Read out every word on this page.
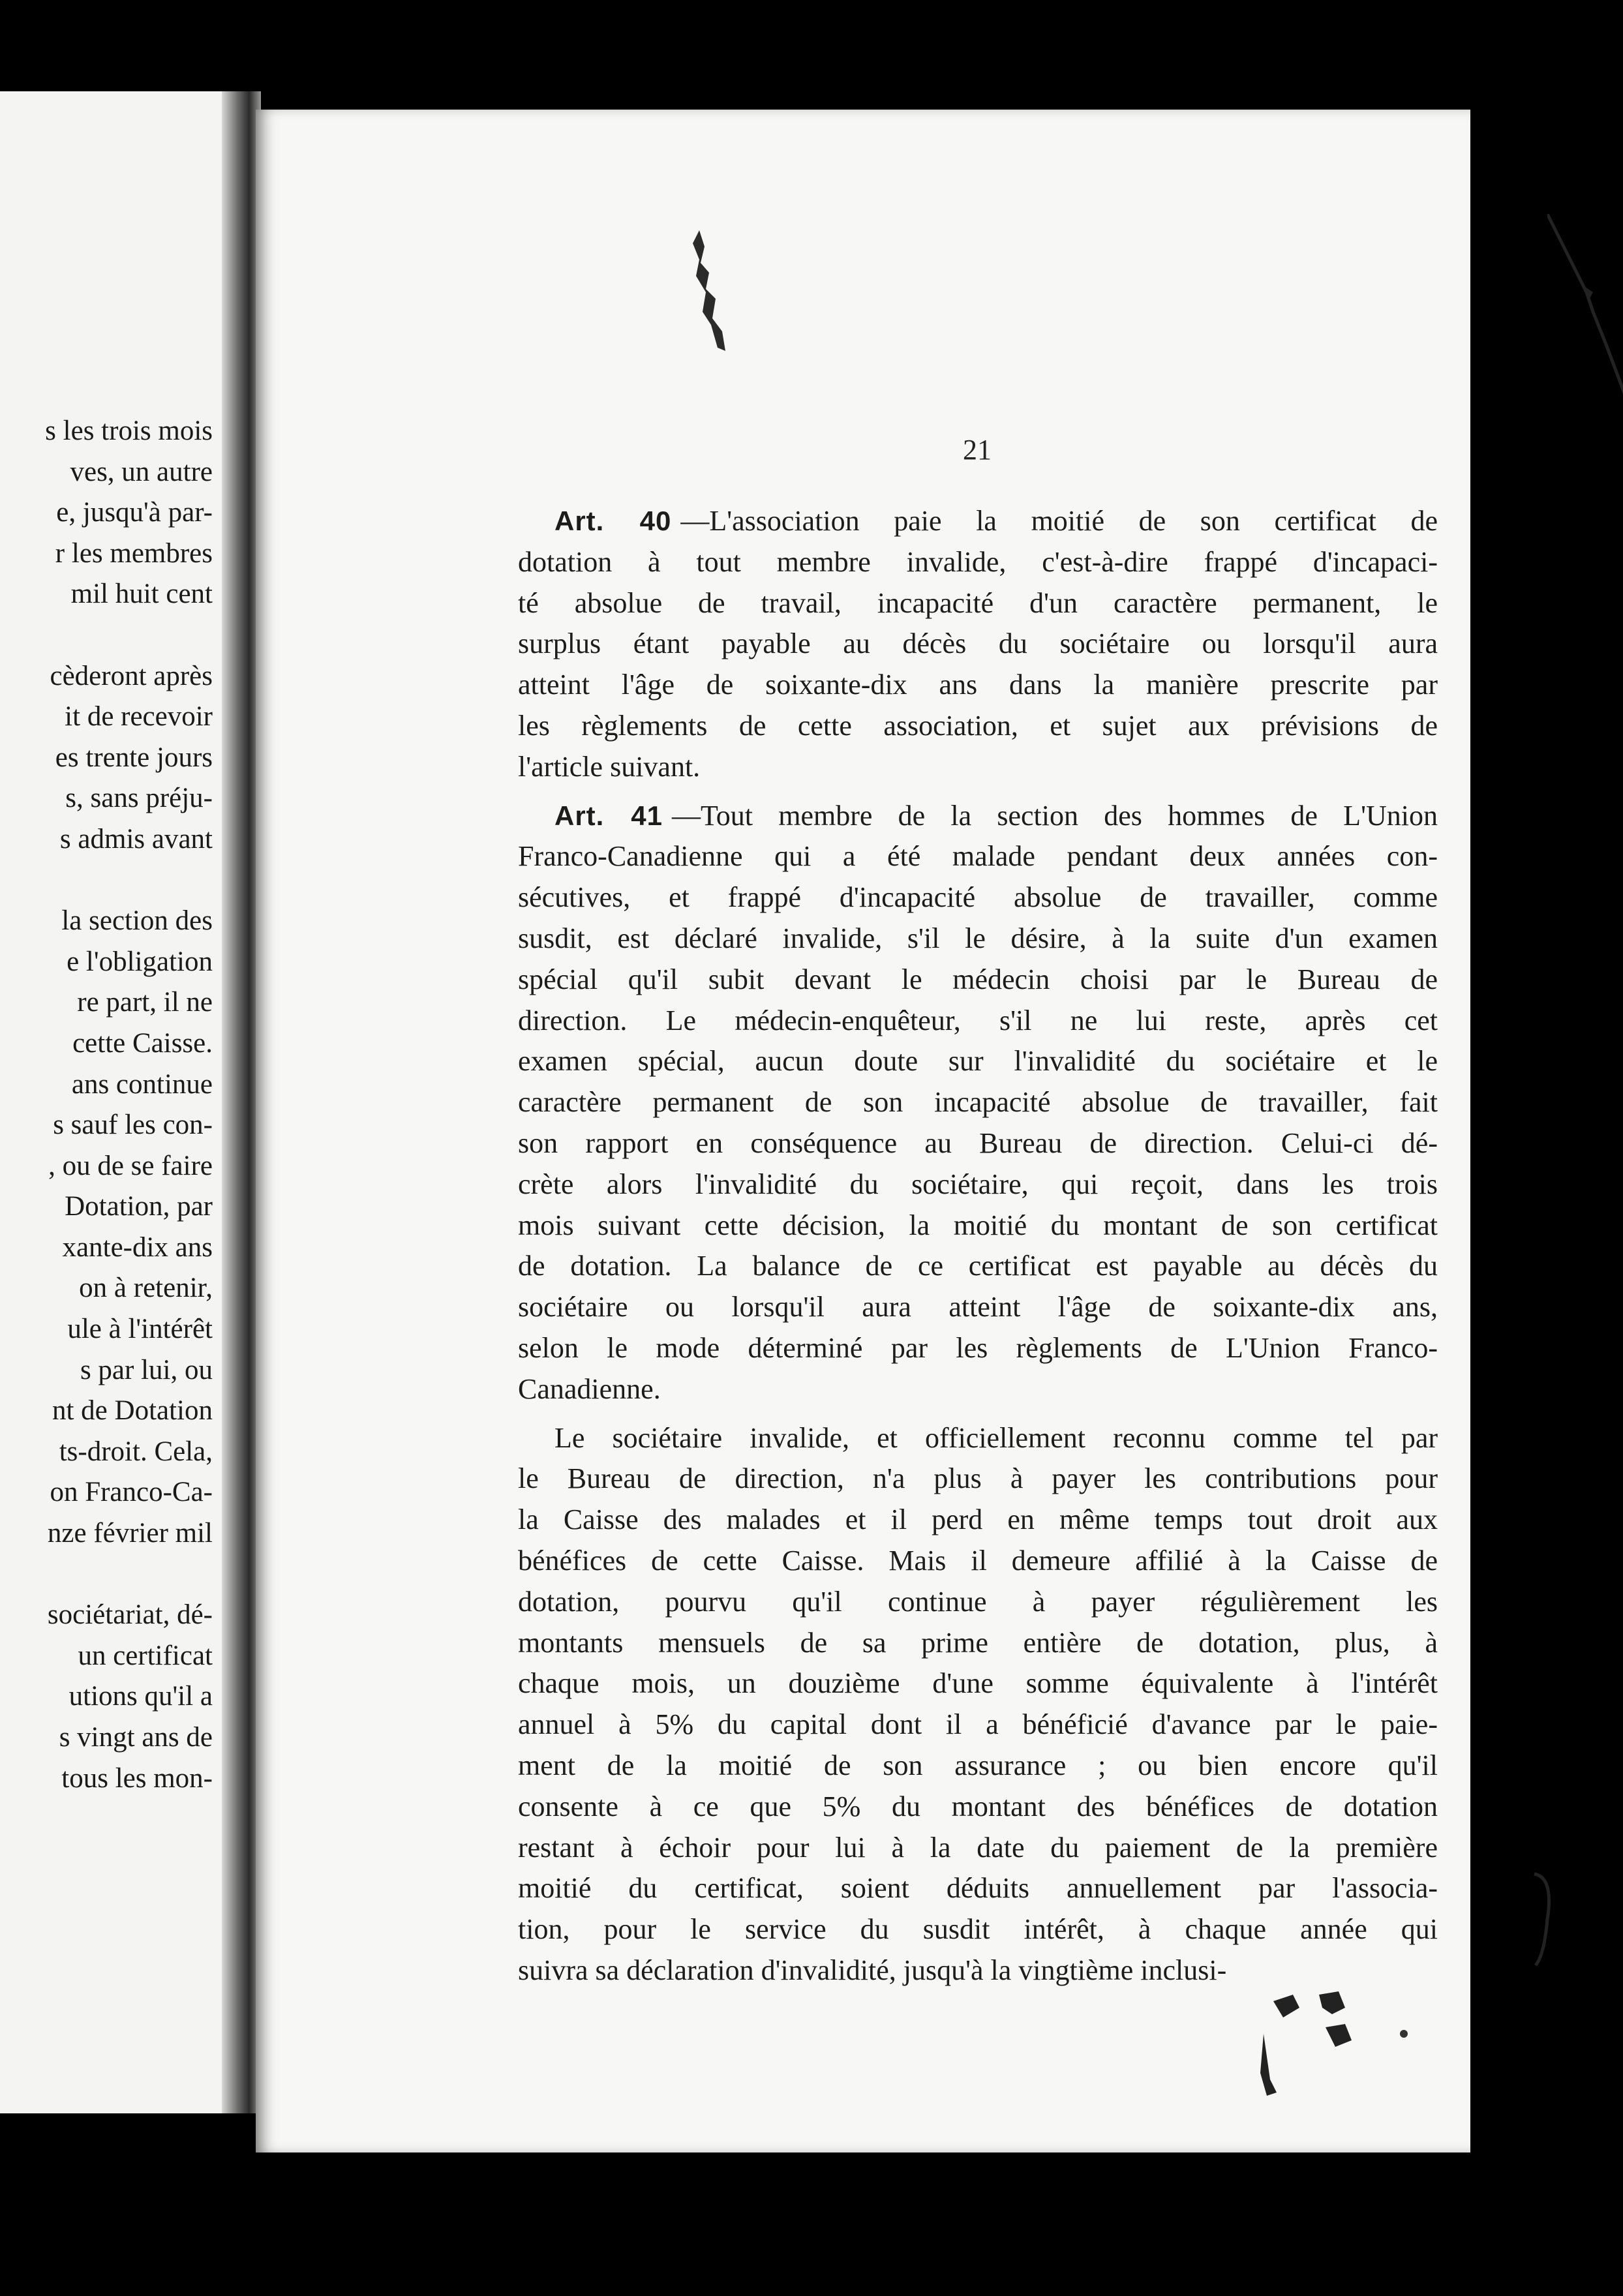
s les trois mois
ves, un autre
e, jusqu'à par-
r les membres
mil huit cent
cèderont après
it de recevoir
es trente jours
s, sans préju-
s admis avant
la section des
e l'obligation
re part, il ne
cette Caisse.
ans continue
s sauf les con-
, ou de se faire
Dotation, par
xante-dix ans
on à retenir,
ule à l'intérêt
s par lui, ou
nt de Dotation
ts-droit. Cela,
on Franco-Ca-
nze février mil
sociétariat, dé-
un certificat
utions qu'il a
s vingt ans de
tous les mon-
21

Art. 40 —L'association paie la moitié de son certificat de
dotation à tout membre invalide, c'est-à-dire frappé d'incapaci-
té absolue de travail, incapacité d'un caractère permanent, le
surplus étant payable au décès du sociétaire ou lorsqu'il aura
atteint l'âge de soixante-dix ans dans la manière prescrite par
les règlements de cette association, et sujet aux prévisions de
l'article suivant.

Art. 41 —Tout membre de la section des hommes de L'Union
Franco-Canadienne qui a été malade pendant deux années con-
sécutives, et frappé d'incapacité absolue de travailler, comme
susdit, est déclaré invalide, s'il le désire, à la suite d'un examen
spécial qu'il subit devant le médecin choisi par le Bureau de
direction. Le médecin-enquêteur, s'il ne lui reste, après cet
examen spécial, aucun doute sur l'invalidité du sociétaire et le
caractère permanent de son incapacité absolue de travailler, fait
son rapport en conséquence au Bureau de direction. Celui-ci dé-
crète alors l'invalidité du sociétaire, qui reçoit, dans les trois
mois suivant cette décision, la moitié du montant de son certificat
de dotation. La balance de ce certificat est payable au décès du
sociétaire ou lorsqu'il aura atteint l'âge de soixante-dix ans,
selon le mode déterminé par les règlements de L'Union Franco-
Canadienne.

Le sociétaire invalide, et officiellement reconnu comme tel par
le Bureau de direction, n'a plus à payer les contributions pour
la Caisse des malades et il perd en même temps tout droit aux
bénéfices de cette Caisse. Mais il demeure affilié à la Caisse de
dotation, pourvu qu'il continue à payer régulièrement les
montants mensuels de sa prime entière de dotation, plus, à
chaque mois, un douzième d'une somme équivalente à l'intérêt
annuel à 5% du capital dont il a bénéficié d'avance par le paie-
ment de la moitié de son assurance ; ou bien encore qu'il
consente à ce que 5% du montant des bénéfices de dotation
restant à échoir pour lui à la date du paiement de la première
moitié du certificat, soient déduits annuellement par l'associa-
tion, pour le service du susdit intérêt, à chaque année qui
suivra sa déclaration d'invalidité, jusqu'à la vingtième inclusi-
